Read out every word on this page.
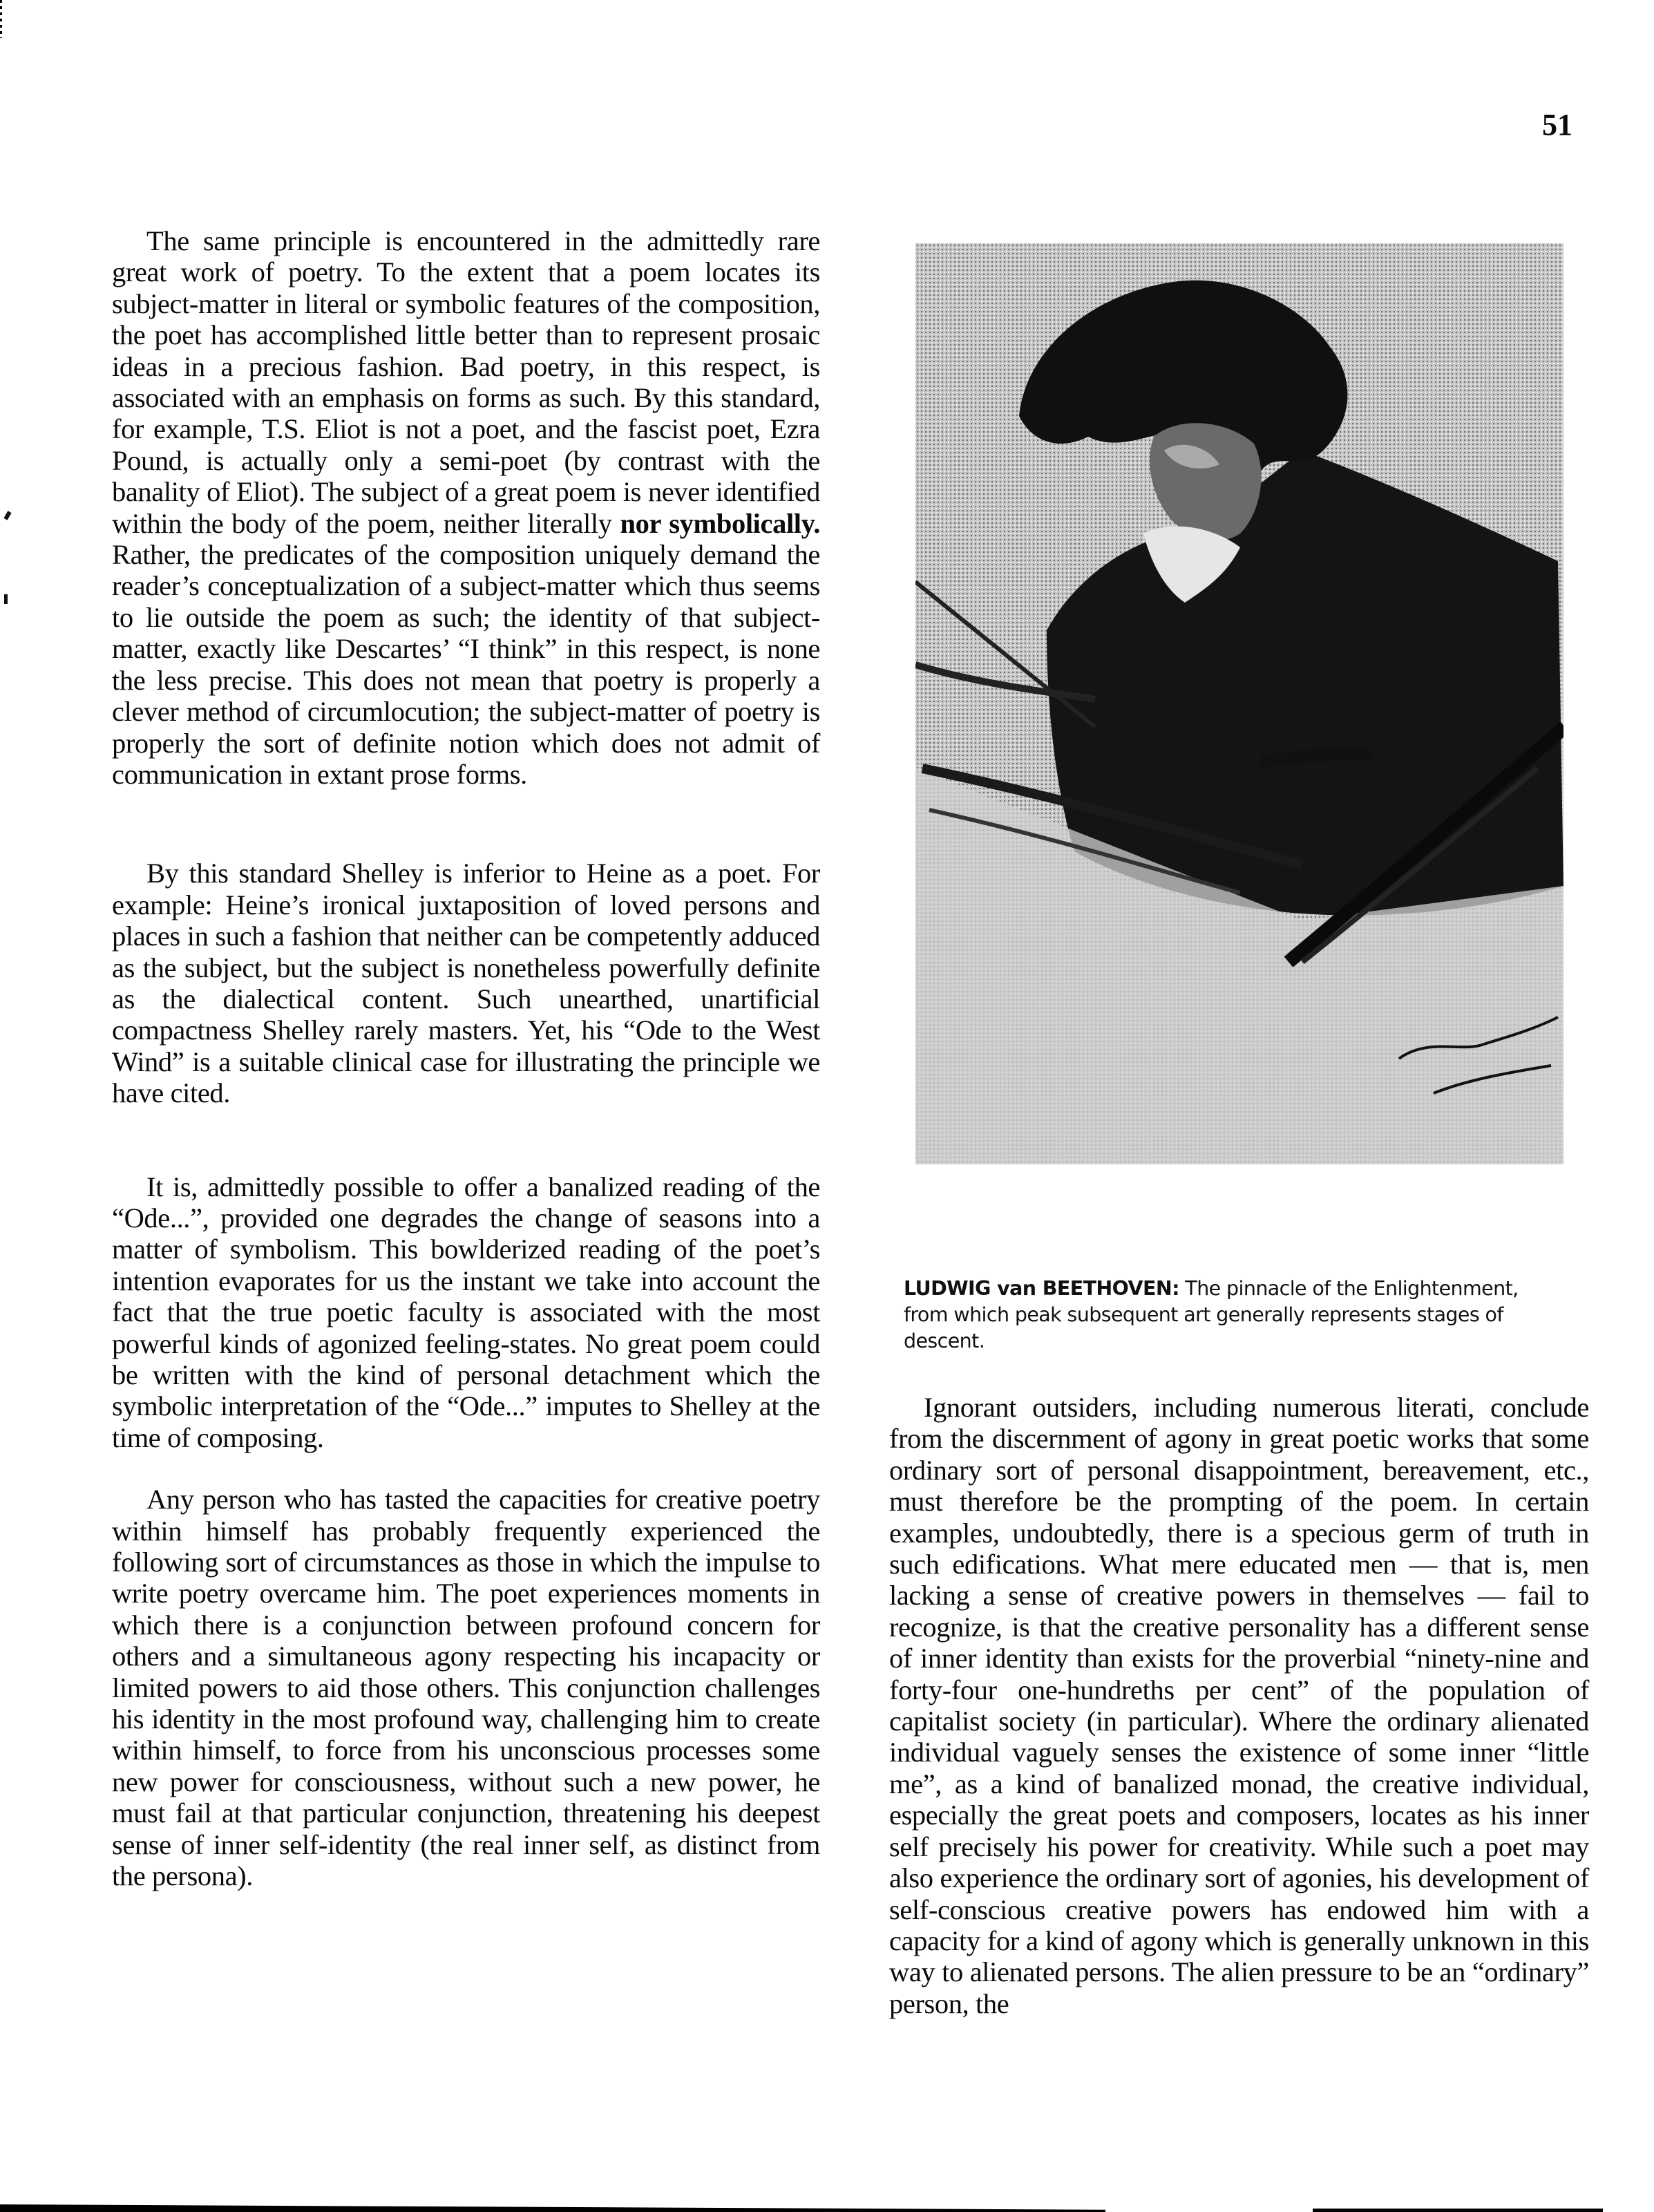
51

The same principle is encountered in the admittedly rare great work of poetry. To the extent that a poem locates its subject-matter in literal or symbolic features of the composition, the poet has accomplished little better than to represent prosaic ideas in a precious fashion. Bad poetry, in this respect, is associated with an emphasis on forms as such. By this standard, for example, T.S. Eliot is not a poet, and the fascist poet, Ezra Pound, is actually only a semi-poet (by contrast with the banality of Eliot). The subject of a great poem is never identified within the body of the poem, neither literally nor symbolically. Rather, the predicates of the composition uniquely demand the reader’s conceptualization of a subject-matter which thus seems to lie outside the poem as such; the identity of that subject-matter, exactly like Descartes’ “I think” in this respect, is none the less precise. This does not mean that poetry is properly a clever method of circumlocution; the subject-matter of poetry is properly the sort of definite notion which does not admit of communication in extant prose forms.

By this standard Shelley is inferior to Heine as a poet. For example: Heine’s ironical juxtaposition of loved persons and places in such a fashion that neither can be competently adduced as the subject, but the subject is nonetheless powerfully definite as the dialectical content. Such unearthed, unartificial compactness Shelley rarely masters. Yet, his “Ode to the West Wind” is a suitable clinical case for illustrating the principle we have cited.

It is, admittedly possible to offer a banalized reading of the “Ode...”, provided one degrades the change of seasons into a matter of symbolism. This bowlderized reading of the poet’s intention evaporates for us the instant we take into account the fact that the true poetic faculty is associated with the most powerful kinds of agonized feeling-states. No great poem could be written with the kind of personal detachment which the symbolic interpretation of the “Ode...” imputes to Shelley at the time of composing.

Any person who has tasted the capacities for creative poetry within himself has probably frequently experienced the following sort of circumstances as those in which the impulse to write poetry overcame him. The poet experiences moments in which there is a conjunction between profound concern for others and a simultaneous agony respecting his incapacity or limited powers to aid those others. This conjunction challenges his identity in the most profound way, challenging him to create within himself, to force from his unconscious processes some new power for consciousness, without such a new power, he must fail at that particular conjunction, threatening his deepest sense of inner self-identity (the real inner self, as distinct from the persona).

LUDWIG van BEETHOVEN: The pinnacle of the Enlightenment, from which peak subsequent art generally represents stages of descent.

Ignorant outsiders, including numerous literati, conclude from the discernment of agony in great poetic works that some ordinary sort of personal disappointment, bereavement, etc., must therefore be the prompting of the poem. In certain examples, undoubtedly, there is a specious germ of truth in such edifications. What mere educated men — that is, men lacking a sense of creative powers in themselves — fail to recognize, is that the creative personality has a different sense of inner identity than exists for the proverbial “ninety-nine and forty-four one-hundreths per cent” of the population of capitalist society (in particular). Where the ordinary alienated individual vaguely senses the existence of some inner “little me”, as a kind of banalized monad, the creative individual, especially the great poets and composers, locates as his inner self precisely his power for creativity. While such a poet may also experience the ordinary sort of agonies, his development of self-conscious creative powers has endowed him with a capacity for a kind of agony which is generally unknown in this way to alienated persons. The alien pressure to be an “ordinary” person, the
